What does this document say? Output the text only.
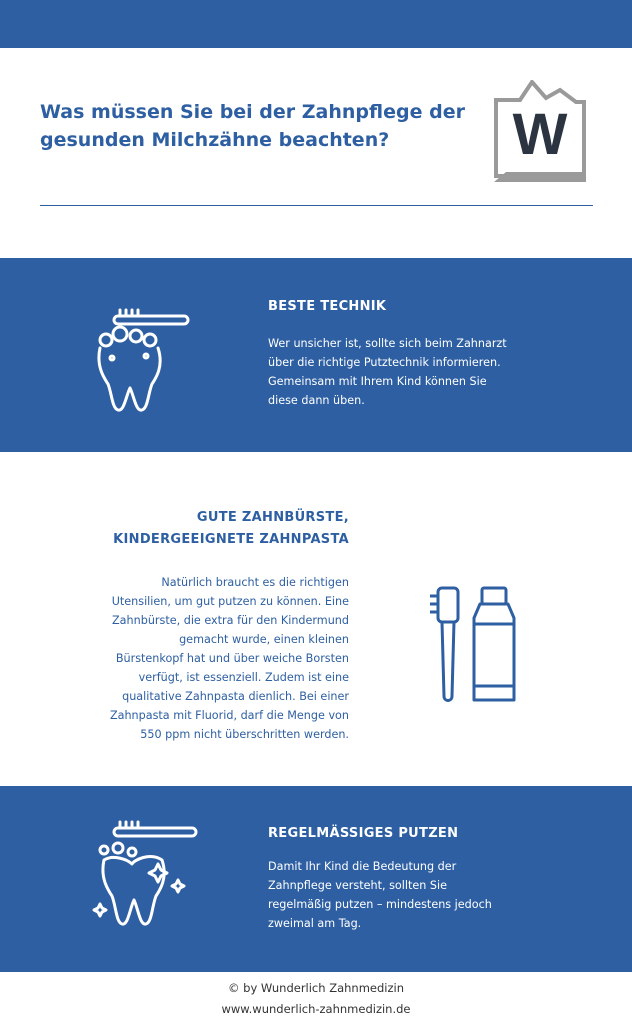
Was müssen Sie bei der Zahnpflege der gesunden Milchzähne beachten?	W
BESTE TECHNIK

Wer unsicher ist, sollte sich beim Zahnarzt über die richtige Putztechnik informieren. Gemeinsam mit Ihrem Kind können Sie diese dann üben.

GUTE ZAHNBÜRSTE,
KINDERGEEIGNETE ZAHNPASTA

Natürlich braucht es die richtigen Utensilien, um gut putzen zu können. Eine Zahnbürste, die extra für den Kindermund gemacht wurde, einen kleinen Bürstenkopf hat und über weiche Borsten verfügt, ist essenziell. Zudem ist eine qualitative Zahnpasta dienlich. Bei einer Zahnpasta mit Fluorid, darf die Menge von 550 ppm nicht überschritten werden.

REGELMÄSSIGES PUTZEN

Damit Ihr Kind die Bedeutung der Zahnpflege versteht, sollten Sie regelmäßig putzen – mindestens jedoch zweimal am Tag.

© by Wunderlich Zahnmedizin
www.wunderlich-zahnmedizin.de
